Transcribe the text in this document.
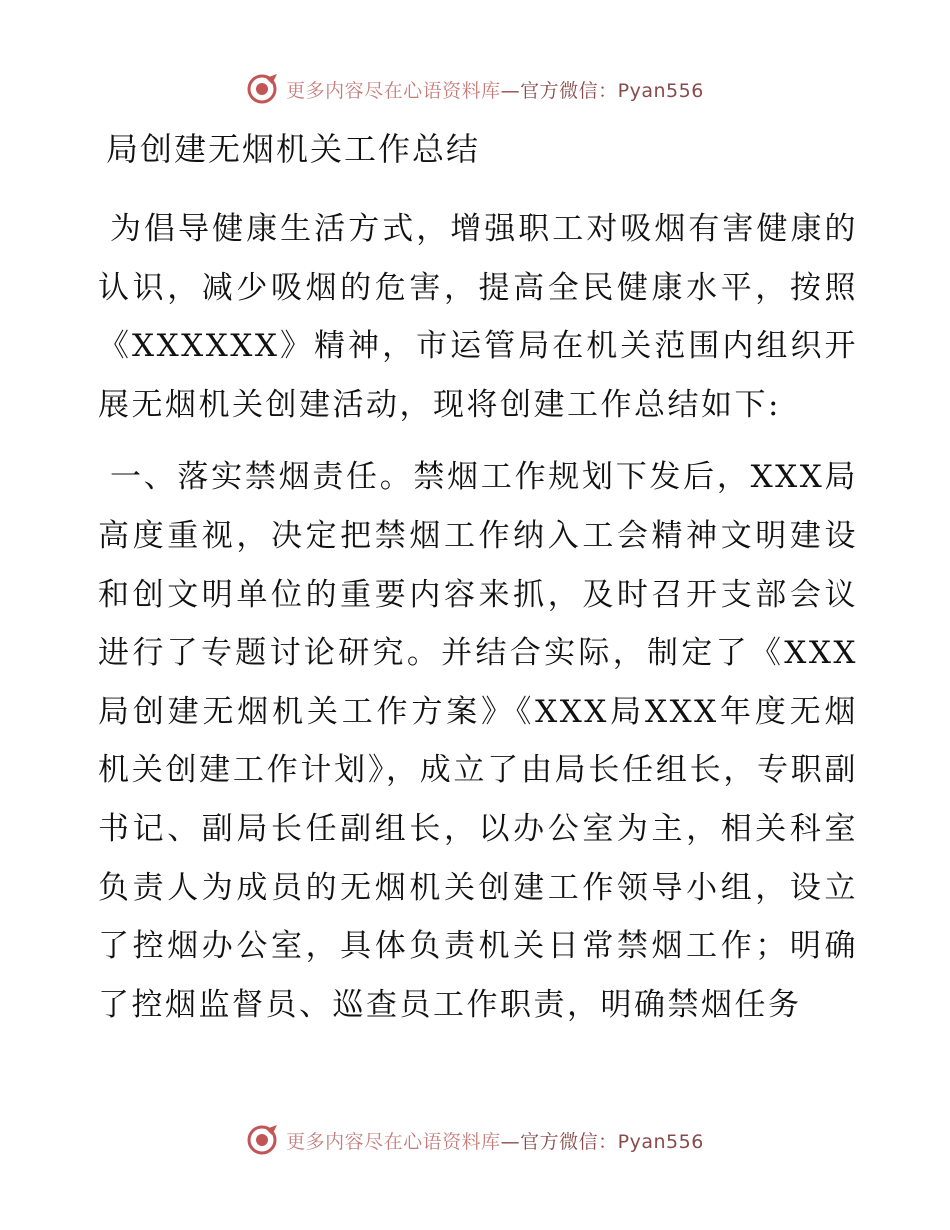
更多内容尽在心语资料库—官方微信：Pyan556
局创建无烟机关工作总结

为倡导健康生活方式，增强职工对吸烟有害健康的认识，减少吸烟的危害，提高全民健康水平，按照《XXXXXX》精神，市运管局在机关范围内组织开展无烟机关创建活动，现将创建工作总结如下:

一、落实禁烟责任。禁烟工作规划下发后，XXX局高度重视，决定把禁烟工作纳入工会精神文明建设和创文明单位的重要内容来抓，及时召开支部会议进行了专题讨论研究。并结合实际，制定了《XXX局创建无烟机关工作方案》《XXX局XXX年度无烟机关创建工作计划》，成立了由局长任组长，专职副书记、副局长任副组长，以办公室为主，相关科室负责人为成员的无烟机关创建工作领导小组，设立了控烟办公室，具体负责机关日常禁烟工作；明确了控烟监督员、巡查员工作职责，明确禁烟任务

更多内容尽在心语资料库—官方微信：Pyan556
